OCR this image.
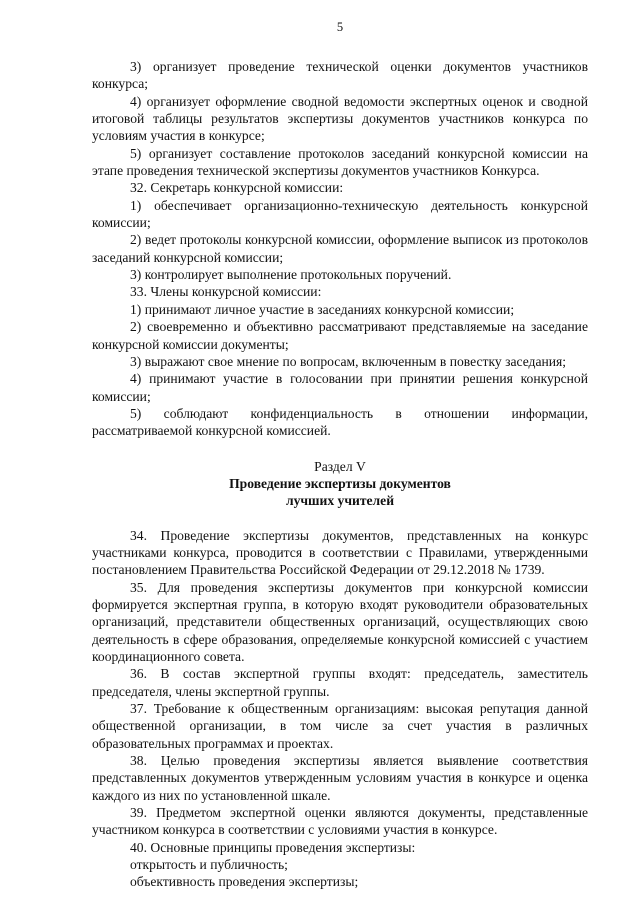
5

3) организует проведение технической оценки документов участников конкурса;

4) организует оформление сводной ведомости экспертных оценок и сводной итоговой таблицы результатов экспертизы документов участников конкурса по условиям участия в конкурсе;

5) организует составление протоколов заседаний конкурсной комиссии на этапе проведения технической экспертизы документов участников Конкурса.

32. Секретарь конкурсной комиссии:

1) обеспечивает организационно-техническую деятельность конкурсной комиссии;

2) ведет протоколы конкурсной комиссии, оформление выписок из протоколов заседаний конкурсной комиссии;

3) контролирует выполнение протокольных поручений.

33. Члены конкурсной комиссии:

1) принимают личное участие в заседаниях конкурсной комиссии;

2) своевременно и объективно рассматривают представляемые на заседание конкурсной комиссии документы;

3) выражают свое мнение по вопросам, включенным в повестку заседания;

4) принимают участие в голосовании при принятии решения конкурсной комиссии;

5) соблюдают конфиденциальность в отношении информации, рассматриваемой конкурсной комиссией.

Раздел V

Проведение экспертизы документов

лучших учителей

34. Проведение экспертизы документов, представленных на конкурс участниками конкурса, проводится в соответствии с Правилами, утвержденными постановлением Правительства Российской Федерации от 29.12.2018 № 1739.

35. Для проведения экспертизы документов при конкурсной комиссии формируется экспертная группа, в которую входят руководители образовательных организаций, представители общественных организаций, осуществляющих свою деятельность в сфере образования, определяемые конкурсной комиссией с участием координационного совета.

36. В состав экспертной группы входят: председатель, заместитель председателя, члены экспертной группы.

37. Требование к общественным организациям: высокая репутация данной общественной организации, в том числе за счет участия в различных образовательных программах и проектах.

38. Целью проведения экспертизы является выявление соответствия представленных документов утвержденным условиям участия в конкурсе и оценка каждого из них по установленной шкале.

39. Предметом экспертной оценки являются документы, представленные участником конкурса в соответствии с условиями участия в конкурсе.

40. Основные принципы проведения экспертизы:

открытость и публичность;

объективность проведения экспертизы;
